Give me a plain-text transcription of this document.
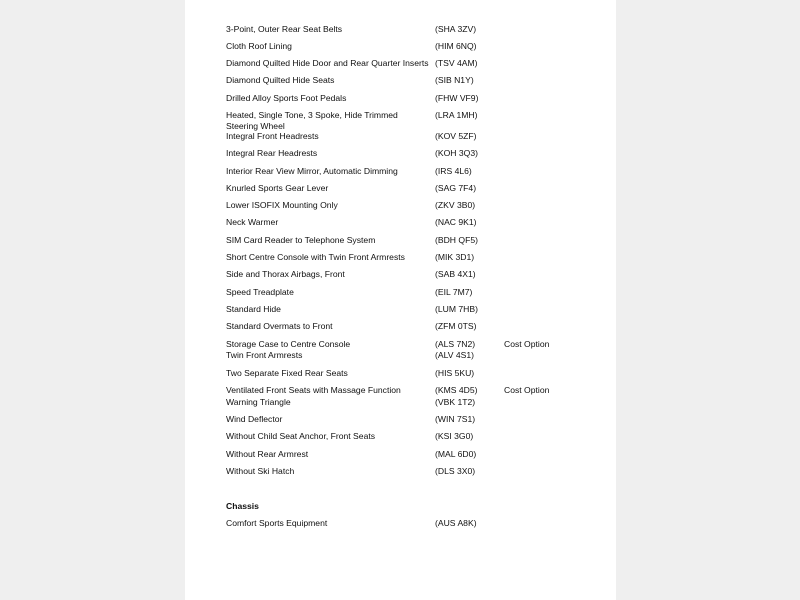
3-Point, Outer Rear Seat Belts	(SHA 3ZV)
Cloth Roof Lining	(HIM 6NQ)
Diamond Quilted Hide Door and Rear Quarter Inserts (TSV 4AM)
Diamond Quilted Hide Seats	(SIB N1Y)
Drilled Alloy Sports Foot Pedals	(FHW VF9)
Heated, Single Tone, 3 Spoke, Hide Trimmed Steering Wheel
(LRA 1MH)
Integral Front Headrests	(KOV 5ZF)
Integral Rear Headrests	(KOH 3Q3)
Interior Rear View Mirror, Automatic Dimming	(IRS 4L6)
Knurled Sports Gear Lever	(SAG 7F4)
Lower ISOFIX Mounting Only	(ZKV 3B0)
Neck Warmer	(NAC 9K1)
SIM Card Reader to Telephone System	(BDH QF5)
Short Centre Console with Twin Front Armrests	(MIK 3D1)
Side and Thorax Airbags, Front	(SAB 4X1)
Speed Treadplate	(EIL 7M7)
Standard Hide	(LUM 7HB)
Standard Overmats to Front	(ZFM 0TS)
Storage Case to Centre Console	(ALS 7N2)	Cost Option
Twin Front Armrests	(ALV 4S1)
Two Separate Fixed Rear Seats	(HIS 5KU)
Ventilated Front Seats with Massage Function	(KMS 4D5)	Cost Option
Warning Triangle	(VBK 1T2)
Wind Deflector	(WIN 7S1)
Without Child Seat Anchor, Front Seats	(KSI 3G0)
Without Rear Armrest	(MAL 6D0)
Without Ski Hatch	(DLS 3X0)
Chassis
Comfort Sports Equipment	(AUS A8K)
